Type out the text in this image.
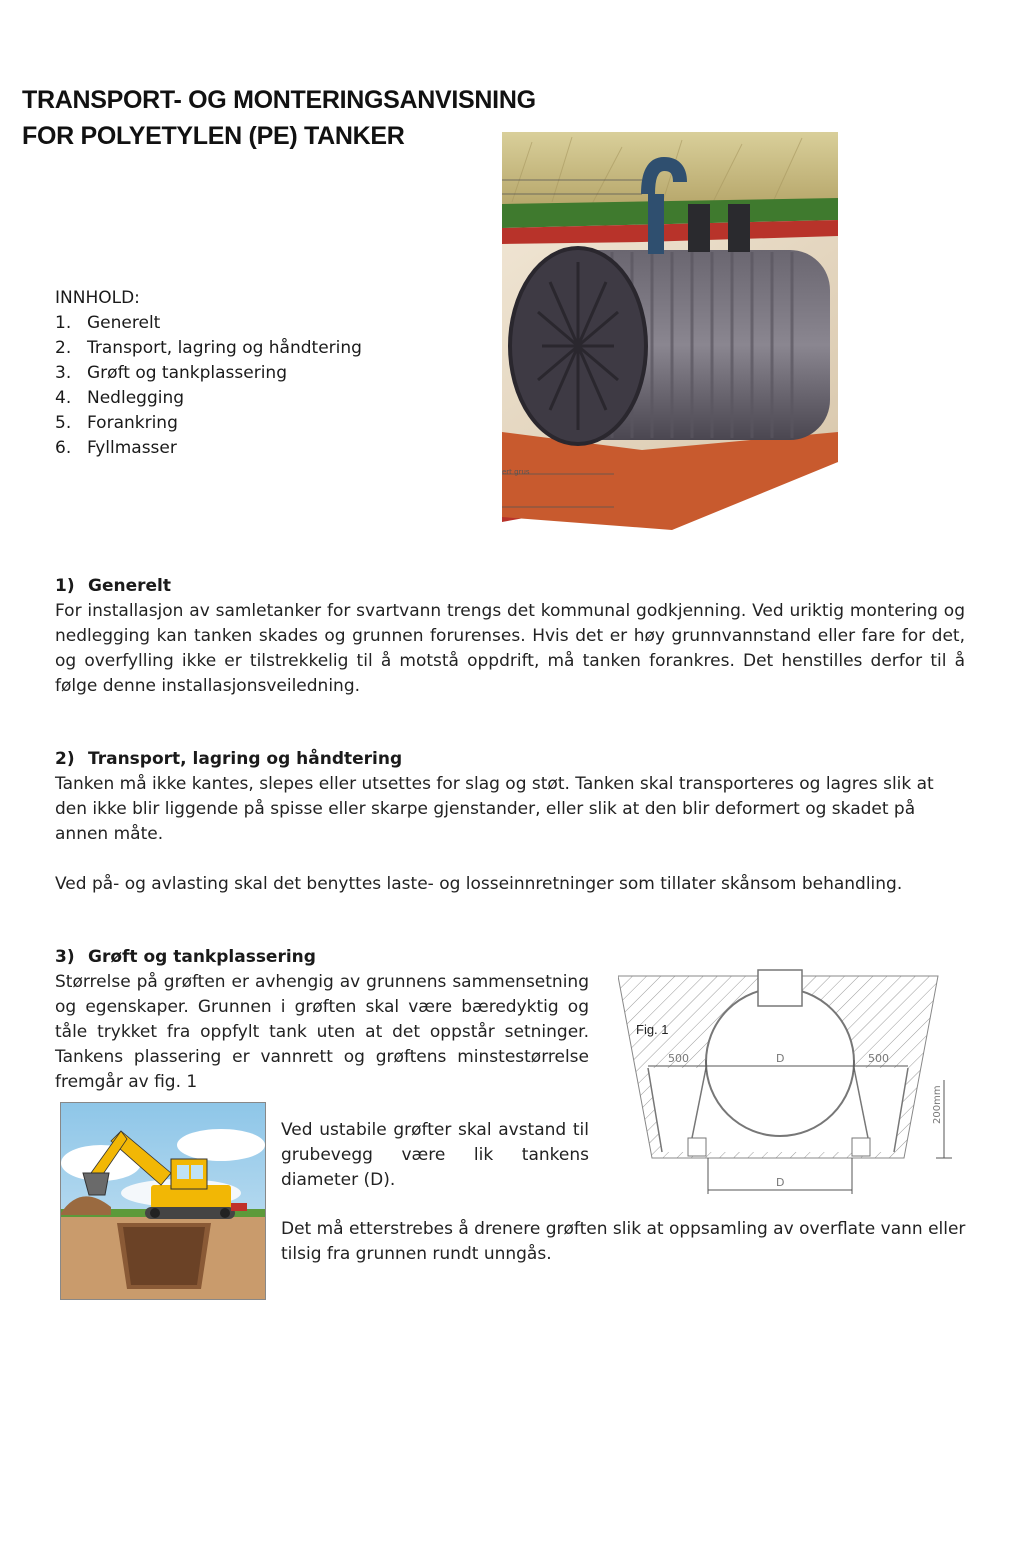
TRANSPORT- OG MONTERINGSANVISNING
FOR POLYETYLEN (PE) TANKER
INNHOLD:
1. Generelt
2. Transport, lagring og håndtering
3. Grøft og tankplassering
4. Nedlegging
5. Forankring
6. Fyllmasser
ert grus
1) Generelt
For installasjon av samletanker for svartvann trengs det kommunal godkjenning. Ved uriktig montering og nedlegging kan tanken skades og grunnen forurenses. Hvis det er høy grunnvannstand eller fare for det, og overfylling ikke er tilstrekkelig til å motstå oppdrift, må tanken forankres. Det henstilles derfor til å følge denne installasjonsveiledning.
2) Transport, lagring og håndtering
Tanken må ikke kantes, slepes eller utsettes for slag og støt. Tanken skal transporteres og lagres slik at den ikke blir liggende på spisse eller skarpe gjenstander, eller slik at den blir deformert og skadet på annen måte.
Ved på- og avlasting skal det benyttes laste- og losseinnretninger som tillater skånsom behandling.
3) Grøft og tankplassering
Størrelse på grøften er avhengig av grunnens sammensetning og egenskaper. Grunnen i grøften skal være bæredyktig og tåle trykket fra oppfylt tank uten at det oppstår setninger. Tankens plassering er vannrett og grøftens minstestørrelse fremgår av fig. 1
500	D	500
D
200mm
Fig. 1
Ved ustabile grøfter skal avstand til grubevegg være lik tankens diameter (D).
Det må etterstrebes å drenere grøften slik at oppsamling av overflate vann eller tilsig fra grunnen rundt unngås.
